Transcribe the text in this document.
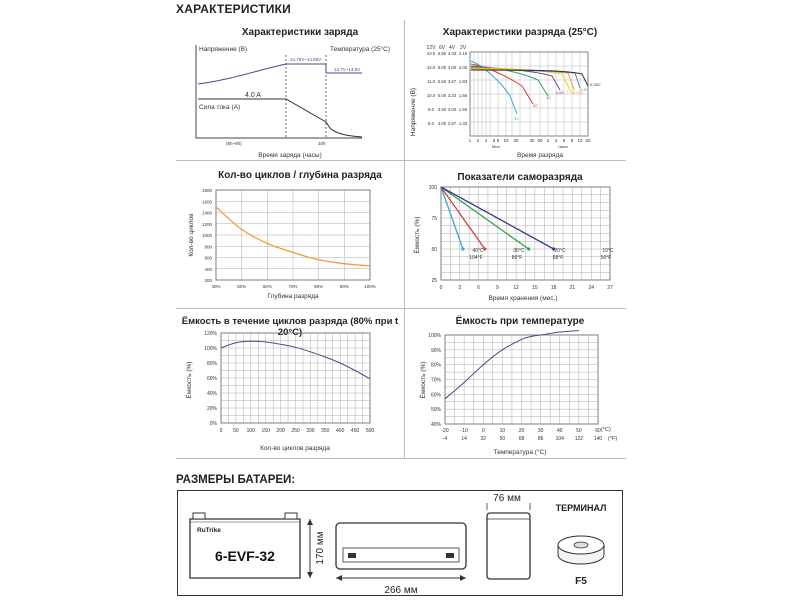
ХАРАКТЕРИСТИКИ
Характеристики заряда	Характеристики разряда (25°С)
Кол-во циклов / глубина разряда	Показатели саморазряда
Ёмкость в течение циклов разряда (80% при t 20°С)
Ёмкость при температуре
Напряжение (В)	Температура (25°С)
14.75V~14.85V
13.7V~13.9V
4.0 A
Сила тока (А)
(6h~8h)	10h
Время заряда (часы)
12V 6V 4V 2V
13.0 6.50 4.33 2.16
12.0 6.00 4.00 2.00
11.0 5.50 3.67 1.83
10.0 5.00 3.33 1.66
9.0 4.50 3.00 1.50
8.0 4.00 2.67 1.33
3C
2C
1C
0.6C 0.4C
0.25C
0.1C
0.05C
1 2 4 6 8 10 20 40 60 2 4 6 8 10 20
Напряжение (В)
Мин	Часы
Время разряда
1800
1600
1400
1200
1000
800
600
400
200
40%	50%	60%	70%	80%	90%	100%
Кол-во циклов
Глубина разряда
100
75
50
25
0	3	6	9	12	15	18	21	24	27
40°C
104°F
30°C
86°F
20°C
68°F
10°C
50°F
Ёмкость (%)
Время хранения (мес.)
120%
100%
80%
60%
40%
20%
0%
0 50 100 150 200 250 300 350 400 450 500
Ёмкость (%)
Кол-во циклов разряда
100%
90%
80%
70%
60%
50%
40%
-20 -10	0	10	20	30	40	50	60
-4	14	32	50	68	86 104 122 140
(°С)
(°F)
Ёмкость (%)
Температура (°С)
РАЗМЕРЫ БАТАРЕИ:
RuTrike
6-EVF-32	170 мм
266 мм
76 мм
ТЕРМИНАЛ
F5
